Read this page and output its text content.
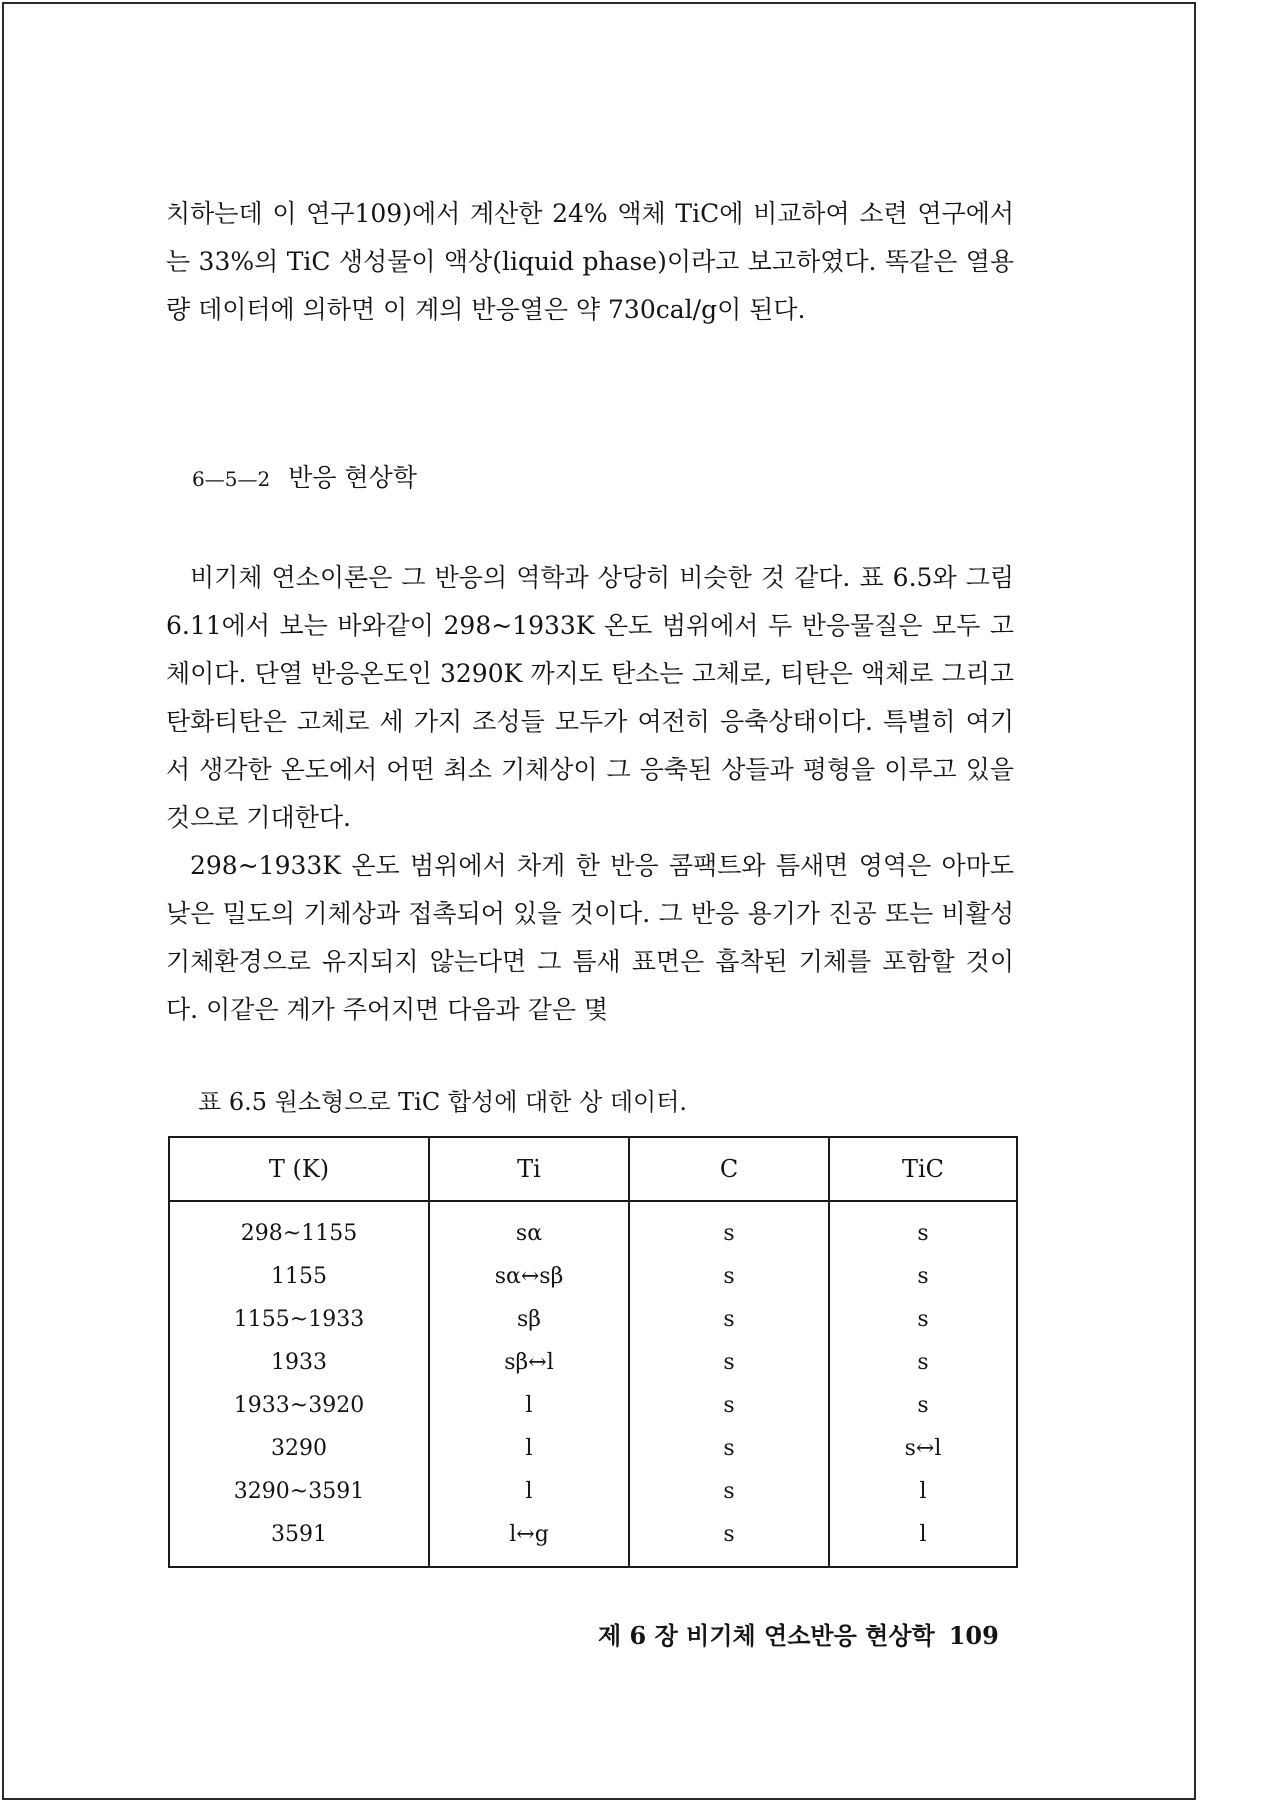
치하는데 이 연구109)에서 계산한 24% 액체 TiC에 비교하여 소련 연구에서는 33%의 TiC 생성물이 액상(liquid phase)이라고 보고하였다. 똑같은 열용량 데이터에 의하면 이 계의 반응열은 약 730cal/g이 된다.

6—5—2 반응 현상학

비기체 연소이론은 그 반응의 역학과 상당히 비슷한 것 같다. 표 6.5와 그림 6.11에서 보는 바와같이 298~1933K 온도 범위에서 두 반응물질은 모두 고체이다. 단열 반응온도인 3290K 까지도 탄소는 고체로, 티탄은 액체로 그리고 탄화티탄은 고체로 세 가지 조성들 모두가 여전히 응축상태이다. 특별히 여기서 생각한 온도에서 어떤 최소 기체상이 그 응축된 상들과 평형을 이루고 있을 것으로 기대한다.

298~1933K 온도 범위에서 차게 한 반응 콤팩트와 틈새면 영역은 아마도 낮은 밀도의 기체상과 접촉되어 있을 것이다. 그 반응 용기가 진공 또는 비활성 기체환경으로 유지되지 않는다면 그 틈새 표면은 흡착된 기체를 포함할 것이다. 이같은 계가 주어지면 다음과 같은 몇

표 6.5 원소형으로 TiC 합성에 대한 상 데이터.

T (K)	Ti	C	TiC
298~1155	sα	s	s
1155	sα↔sβ	s	s
1155~1933	sβ	s	s
1933	sβ↔l	s	s
1933~3920	l	s	s
3290	l	s	s↔l
3290~3591	l	s	l
3591	l↔g	s	l

제 6 장 비기체 연소반응 현상학 109
